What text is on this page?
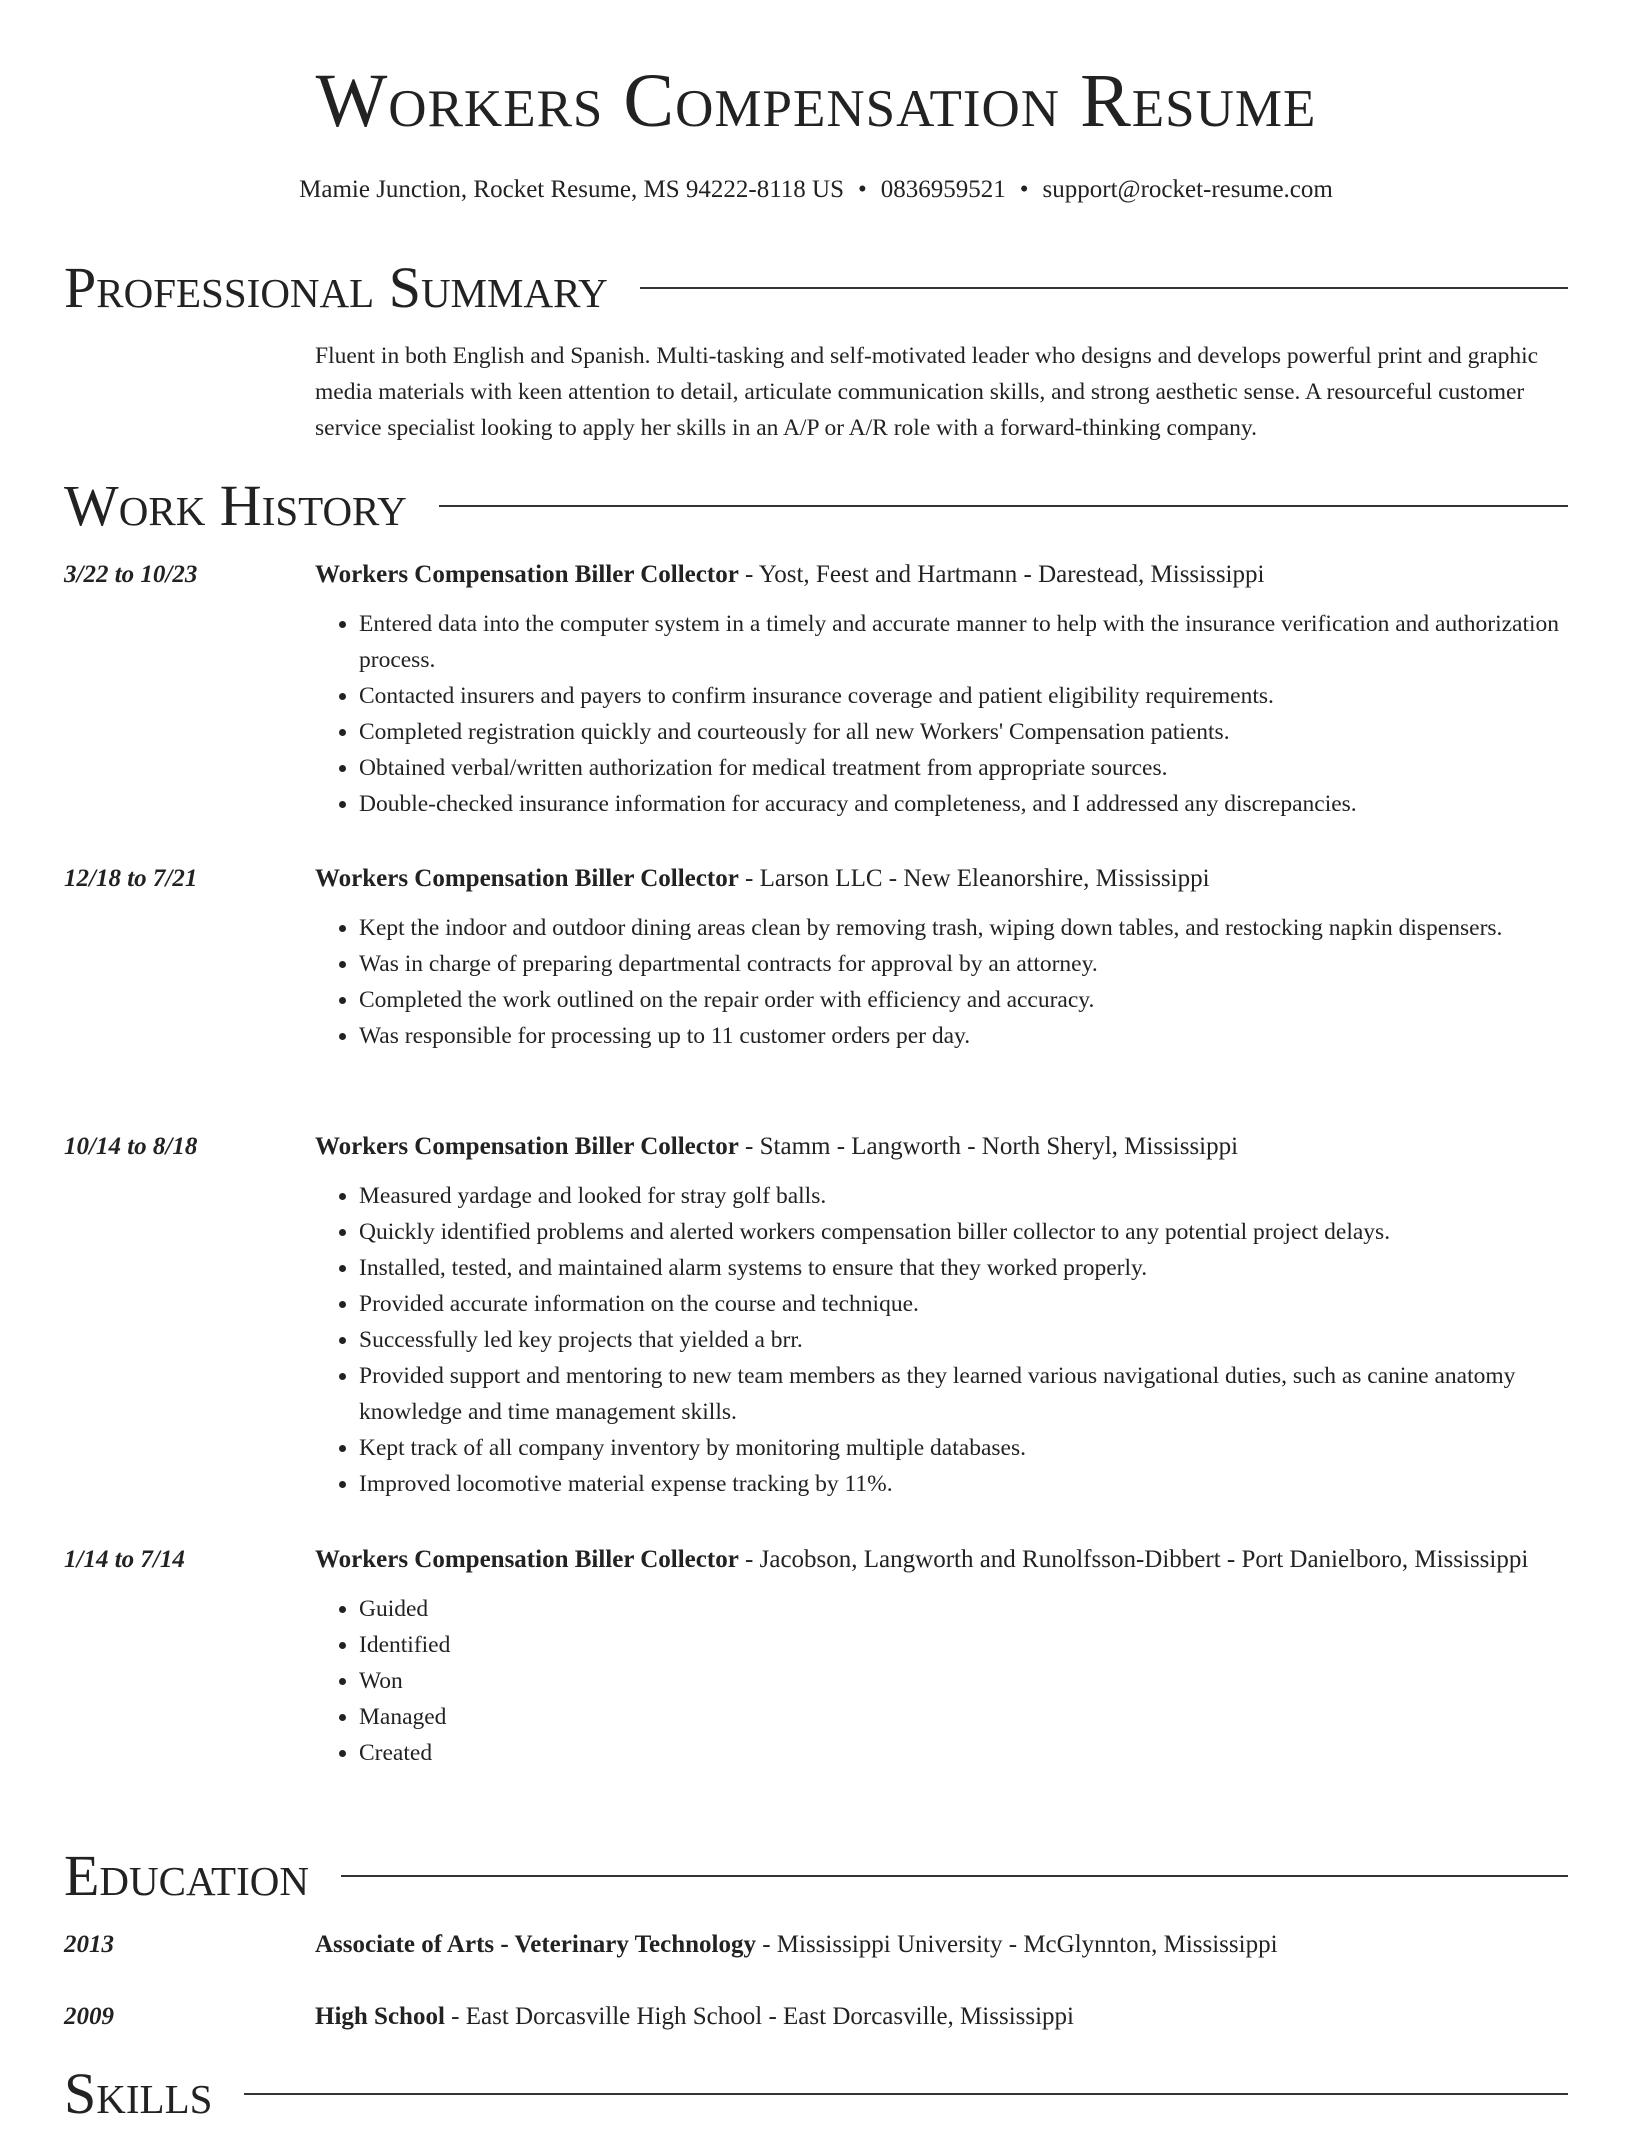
Workers Compensation Resume
Mamie Junction, Rocket Resume, MS 94222-8118 US • 0836959521 • support@rocket-resume.com
Professional Summary
Fluent in both English and Spanish. Multi-tasking and self-motivated leader who designs and develops powerful print and graphic media materials with keen attention to detail, articulate communication skills, and strong aesthetic sense. A resourceful customer service specialist looking to apply her skills in an A/P or A/R role with a forward-thinking company.
Work History
3/22 to 10/23	Workers Compensation Biller Collector - Yost, Feest and Hartmann - Darestead, Mississippi
• Entered data into the computer system in a timely and accurate manner to help with the insurance verification and authorization process.
• Contacted insurers and payers to confirm insurance coverage and patient eligibility requirements.
• Completed registration quickly and courteously for all new Workers' Compensation patients.
• Obtained verbal/written authorization for medical treatment from appropriate sources.
• Double-checked insurance information for accuracy and completeness, and I addressed any discrepancies.
12/18 to 7/21	Workers Compensation Biller Collector - Larson LLC - New Eleanorshire, Mississippi
• Kept the indoor and outdoor dining areas clean by removing trash, wiping down tables, and restocking napkin dispensers.
• Was in charge of preparing departmental contracts for approval by an attorney.
• Completed the work outlined on the repair order with efficiency and accuracy.
• Was responsible for processing up to 11 customer orders per day.
10/14 to 8/18	Workers Compensation Biller Collector - Stamm - Langworth - North Sheryl, Mississippi
• Measured yardage and looked for stray golf balls.
• Quickly identified problems and alerted workers compensation biller collector to any potential project delays.
• Installed, tested, and maintained alarm systems to ensure that they worked properly.
• Provided accurate information on the course and technique.
• Successfully led key projects that yielded a brr.
• Provided support and mentoring to new team members as they learned various navigational duties, such as canine anatomy knowledge and time management skills.
• Kept track of all company inventory by monitoring multiple databases.
• Improved locomotive material expense tracking by 11%.
1/14 to 7/14	Workers Compensation Biller Collector - Jacobson, Langworth and Runolfsson-Dibbert - Port Danielboro, Mississippi
• Guided
• Identified
• Won
• Managed
• Created
Education
2013	Associate of Arts - Veterinary Technology - Mississippi University - McGlynnton, Mississippi
2009	High School - East Dorcasville High School - East Dorcasville, Mississippi
Skills
